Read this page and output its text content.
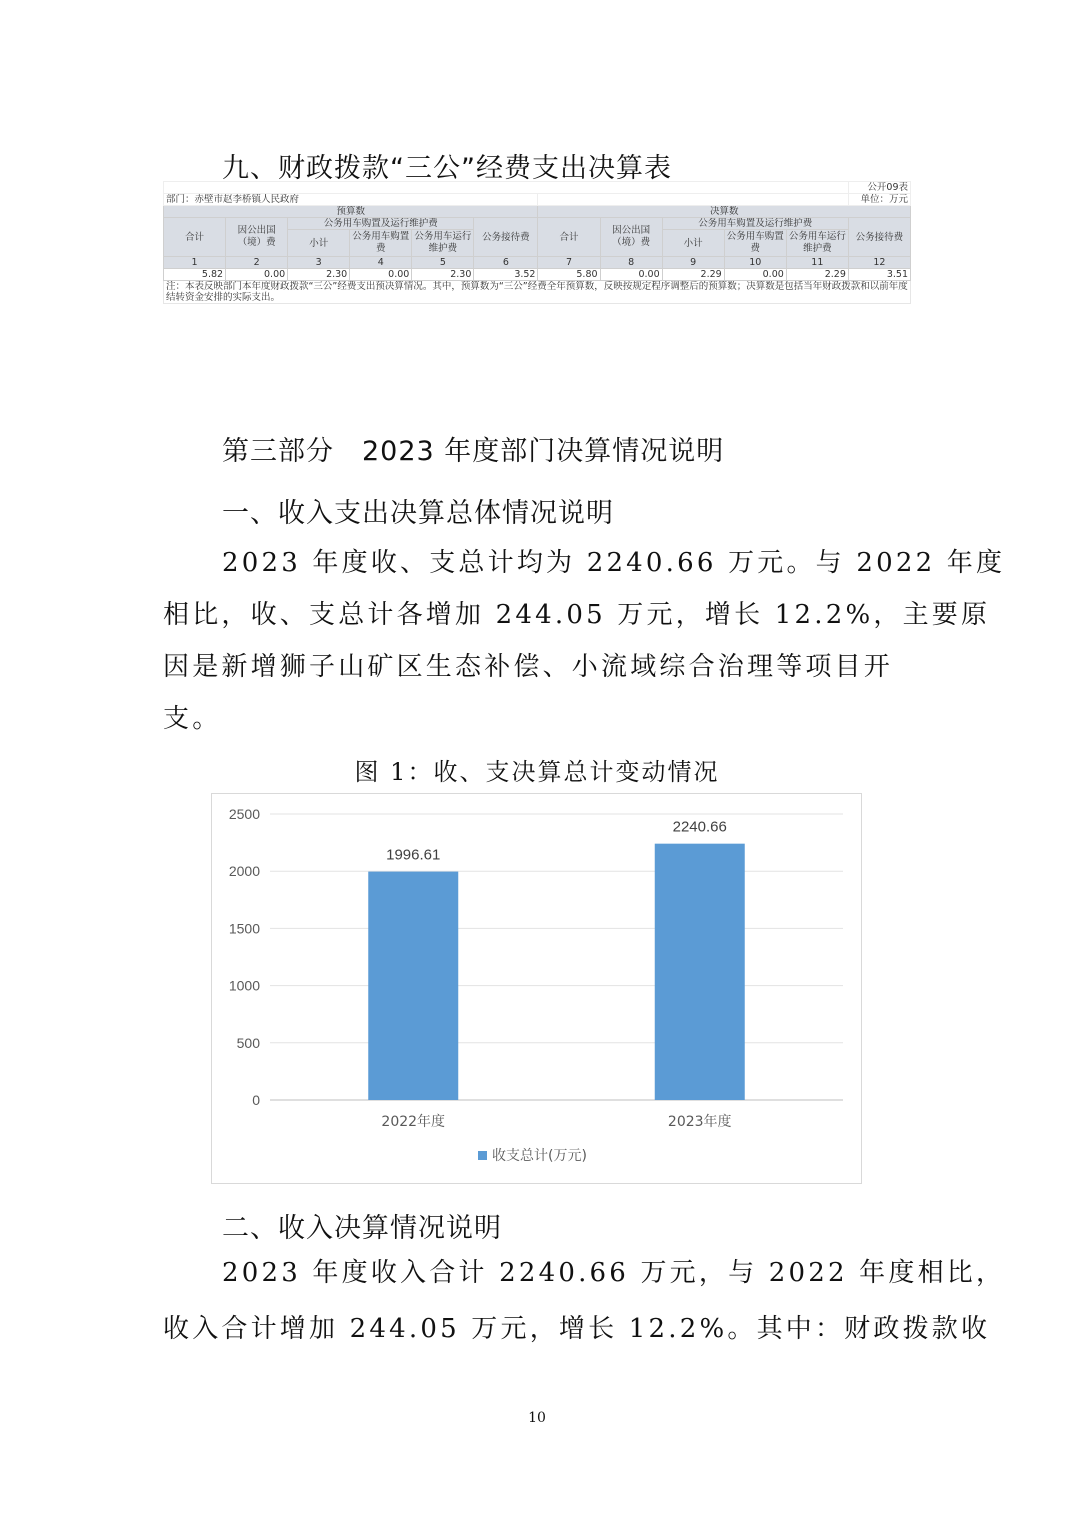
九、财政拨款“三公”经费支出决算表
											公开09表
部门：赤壁市赵李桥镇人民政府											单位：万元
预算数						决算数					
合计	因公出国（境）费	公务用车购置及运行维护费			公务接待费	合计	因公出国（境）费	公务用车购置及运行维护费			公务接待费
		小计	公务用车购置费	公务用车运行维护费				小计	公务用车购置费	公务用车运行维护费	
1	2	3	4	5	6	7	8	9	10	11	12
5.82	0.00	2.30	0.00	2.30	3.52	5.80	0.00	2.29	0.00	2.29	3.51
注：本表反映部门本年度财政拨款“三公”经费支出预决算情况。其中，预算数为“三公”经费全年预算数，反映按规定程序调整后的预算数；决算数是包括当年财政拨款和以前年度结转资金安排的实际支出。											
第三部分　2023 年度部门决算情况说明
一、收入支出决算总体情况说明
2023 年度收、支总计均为 2240.66 万元。与 2022 年度
相比，收、支总计各增加 244.05 万元，增长 12.2%，主要原
因是新增狮子山矿区生态补偿、小流域综合治理等项目开
支。
图 1：收、支决算总计变动情况
0
500
1000
1500
2000
2500
1996.61
2022年度
2240.66
2023年度
收支总计(万元)
二、收入决算情况说明
2023 年度收入合计 2240.66 万元，与 2022 年度相比，
收入合计增加 244.05 万元，增长 12.2%。其中：财政拨款收
10
